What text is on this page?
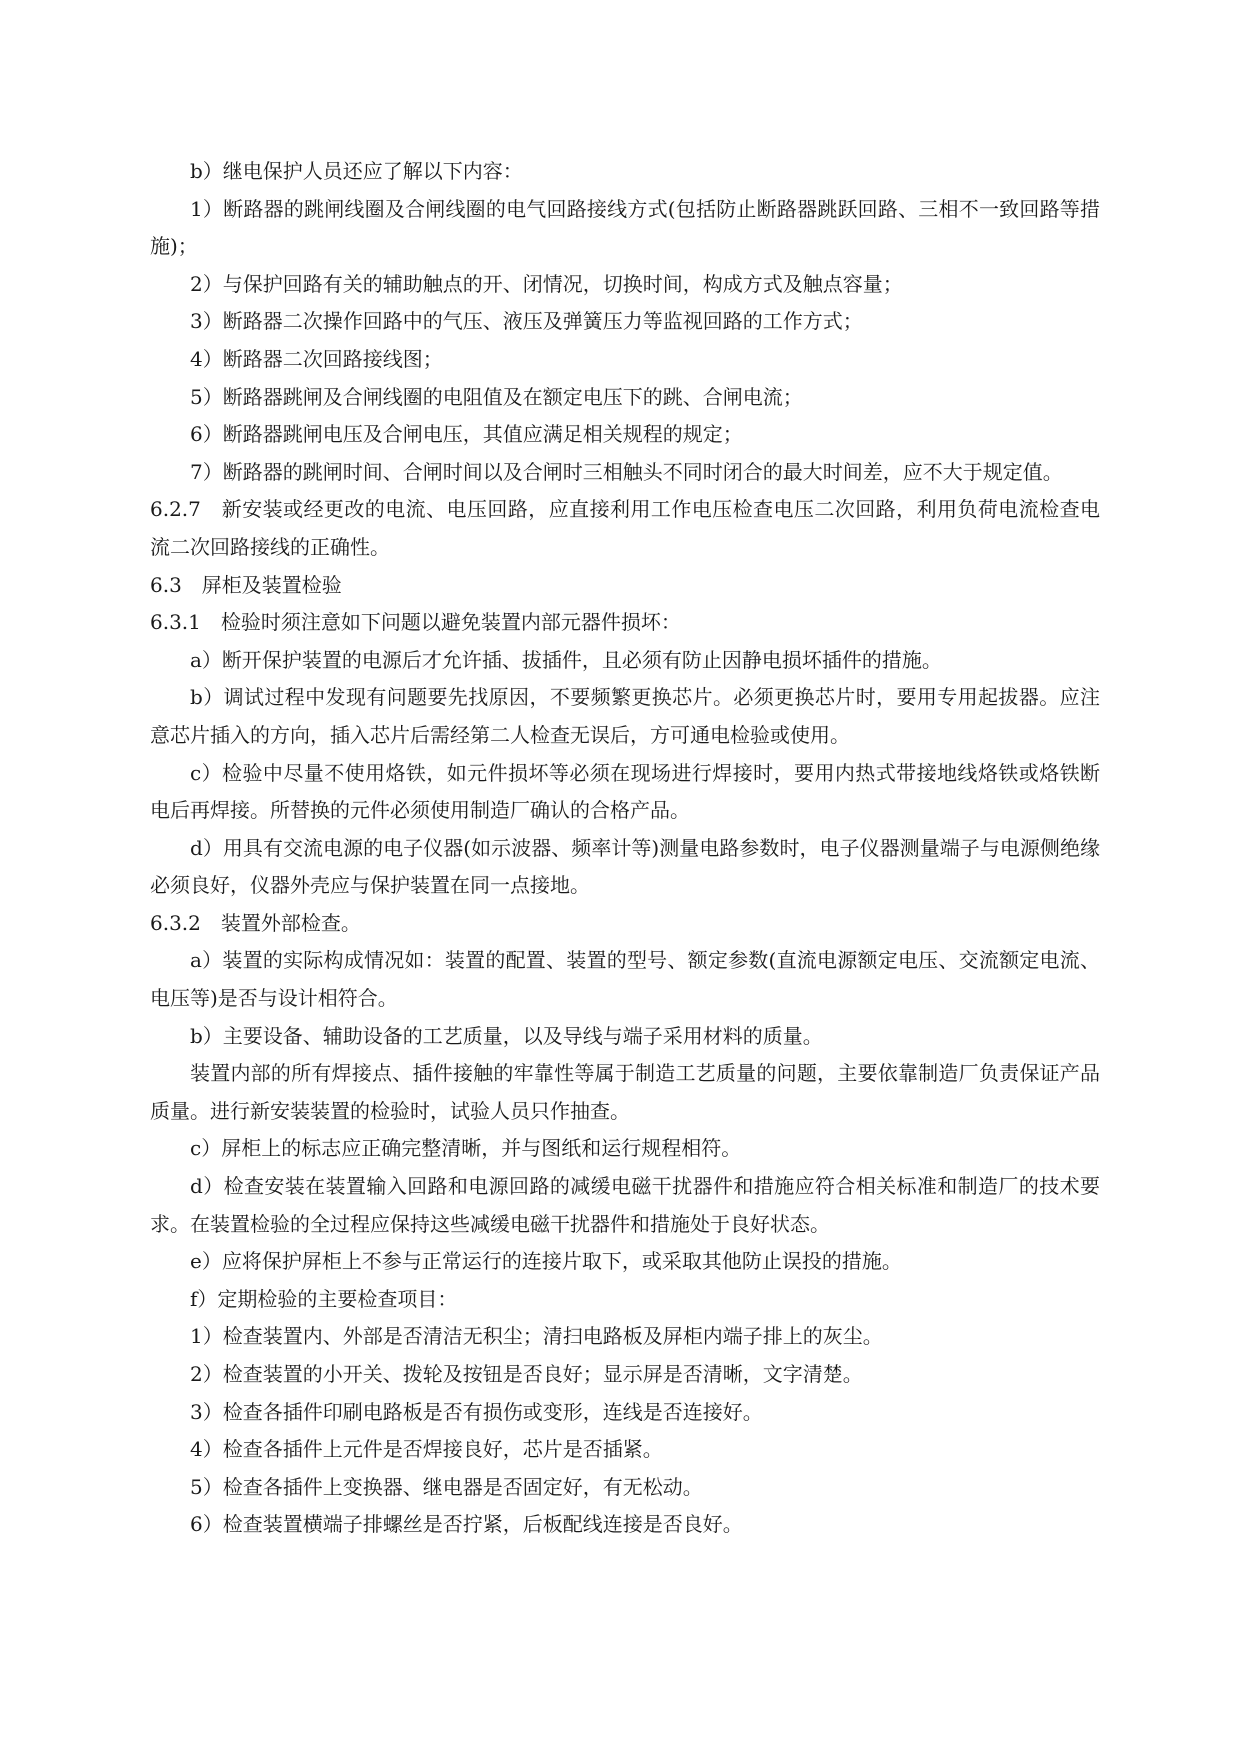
b）继电保护人员还应了解以下内容：

1）断路器的跳闸线圈及合闸线圈的电气回路接线方式(包括防止断路器跳跃回路、三相不一致回路等措施)；

2）与保护回路有关的辅助触点的开、闭情况，切换时间，构成方式及触点容量；

3）断路器二次操作回路中的气压、液压及弹簧压力等监视回路的工作方式；

4）断路器二次回路接线图；

5）断路器跳闸及合闸线圈的电阻值及在额定电压下的跳、合闸电流；

6）断路器跳闸电压及合闸电压，其值应满足相关规程的规定；

7）断路器的跳闸时间、合闸时间以及合闸时三相触头不同时闭合的最大时间差，应不大于规定值。

6.2.7　新安装或经更改的电流、电压回路，应直接利用工作电压检查电压二次回路，利用负荷电流检查电流二次回路接线的正确性。

6.3　屏柜及装置检验

6.3.1　检验时须注意如下问题以避免装置内部元器件损坏：

a）断开保护装置的电源后才允许插、拔插件，且必须有防止因静电损坏插件的措施。

b）调试过程中发现有问题要先找原因，不要频繁更换芯片。必须更换芯片时，要用专用起拔器。应注意芯片插入的方向，插入芯片后需经第二人检查无误后，方可通电检验或使用。

c）检验中尽量不使用烙铁，如元件损坏等必须在现场进行焊接时，要用内热式带接地线烙铁或烙铁断电后再焊接。所替换的元件必须使用制造厂确认的合格产品。

d）用具有交流电源的电子仪器(如示波器、频率计等)测量电路参数时，电子仪器测量端子与电源侧绝缘必须良好，仪器外壳应与保护装置在同一点接地。

6.3.2　装置外部检查。

a）装置的实际构成情况如：装置的配置、装置的型号、额定参数(直流电源额定电压、交流额定电流、电压等)是否与设计相符合。

b）主要设备、辅助设备的工艺质量，以及导线与端子采用材料的质量。

装置内部的所有焊接点、插件接触的牢靠性等属于制造工艺质量的问题，主要依靠制造厂负责保证产品质量。进行新安装装置的检验时，试验人员只作抽查。

c）屏柜上的标志应正确完整清晰，并与图纸和运行规程相符。

d）检查安装在装置输入回路和电源回路的减缓电磁干扰器件和措施应符合相关标准和制造厂的技术要求。在装置检验的全过程应保持这些减缓电磁干扰器件和措施处于良好状态。

e）应将保护屏柜上不参与正常运行的连接片取下，或采取其他防止误投的措施。

f）定期检验的主要检查项目：

1）检查装置内、外部是否清洁无积尘；清扫电路板及屏柜内端子排上的灰尘。

2）检查装置的小开关、拨轮及按钮是否良好；显示屏是否清晰，文字清楚。

3）检查各插件印刷电路板是否有损伤或变形，连线是否连接好。

4）检查各插件上元件是否焊接良好，芯片是否插紧。

5）检查各插件上变换器、继电器是否固定好，有无松动。

6）检查装置横端子排螺丝是否拧紧，后板配线连接是否良好。
